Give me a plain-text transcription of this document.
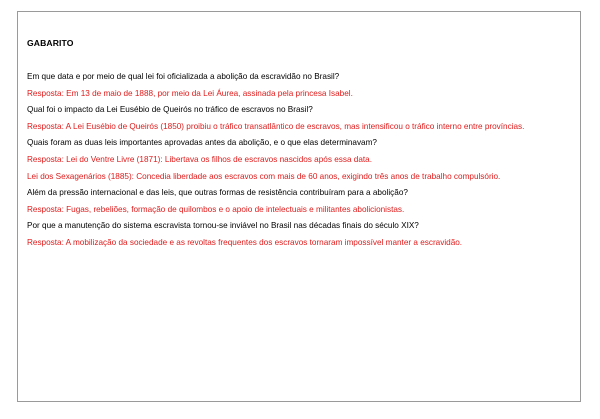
GABARITO
Em que data e por meio de qual lei foi oficializada a abolição da escravidão no Brasil?
Resposta: Em 13 de maio de 1888, por meio da Lei Áurea, assinada pela princesa Isabel.
Qual foi o impacto da Lei Eusébio de Queirós no tráfico de escravos no Brasil?
Resposta: A Lei Eusébio de Queirós (1850) proibiu o tráfico transatlântico de escravos, mas intensificou o tráfico interno entre províncias.
Quais foram as duas leis importantes aprovadas antes da abolição, e o que elas determinavam?
Resposta: Lei do Ventre Livre (1871): Libertava os filhos de escravos nascidos após essa data.
Lei dos Sexagenários (1885): Concedia liberdade aos escravos com mais de 60 anos, exigindo três anos de trabalho compulsório.
Além da pressão internacional e das leis, que outras formas de resistência contribuíram para a abolição?
Resposta: Fugas, rebeliões, formação de quilombos e o apoio de intelectuais e militantes abolicionistas.
Por que a manutenção do sistema escravista tornou-se inviável no Brasil nas décadas finais do século XIX?
Resposta: A mobilização da sociedade e as revoltas frequentes dos escravos tornaram impossível manter a escravidão.
